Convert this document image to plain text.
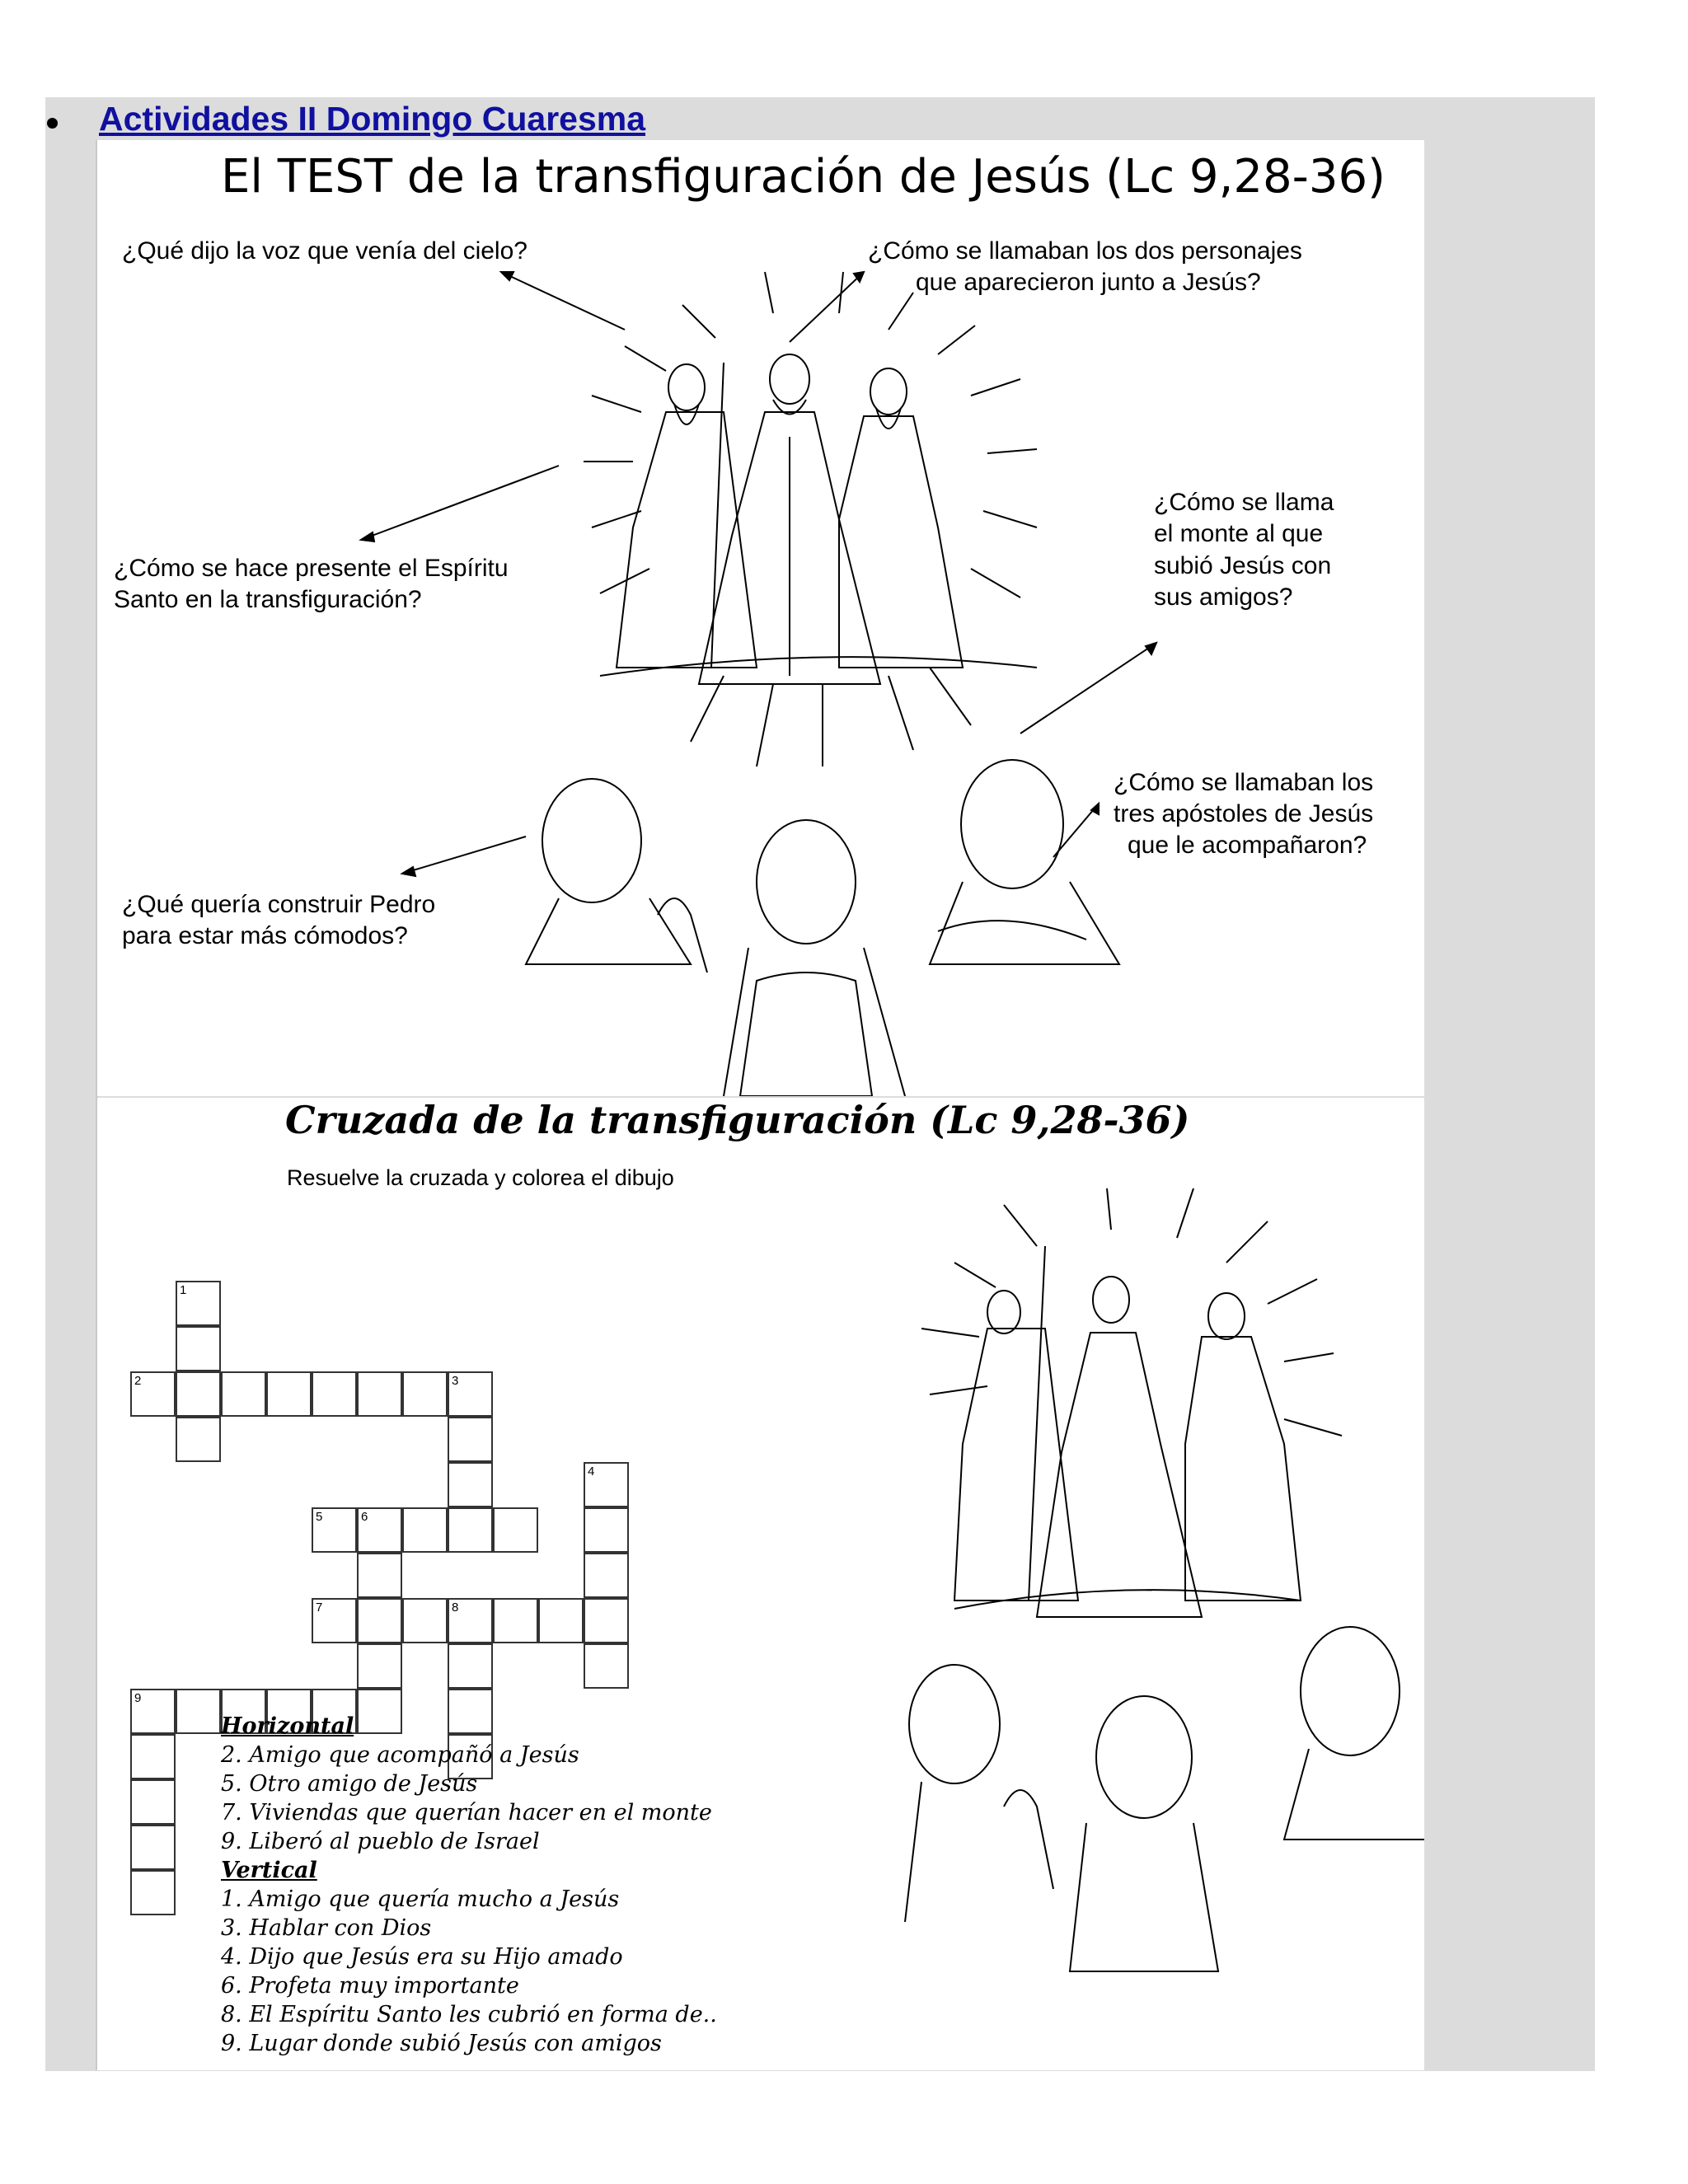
Actividades II Domingo Cuaresma
El TEST de la transfiguración de Jesús (Lc 9,28-36)
¿Qué dijo la voz que venía del cielo?	¿Cómo se llamaban los dos personajes
que aparecieron junto a Jesús?
¿Cómo se llama
el monte al que
subió Jesús con
sus amigos?
¿Cómo se hace presente el Espíritu
Santo en la transfiguración?
¿Cómo se llamaban los
tres apóstoles de Jesús
que le acompañaron?
¿Qué quería construir Pedro
para estar más cómodos?
Cruzada de la transfiguración (Lc 9,28-36)
Resuelve la cruzada y colorea el dibujo
1
2	3
4
5	6
7	8
9
Horizontal
2. Amigo que acompañó a Jesús
5. Otro amigo de Jesús
7. Viviendas que querían hacer en el monte
9. Liberó al pueblo de Israel
Vertical
1. Amigo que quería mucho a Jesús
3. Hablar con Dios
4. Dijo que Jesús era su Hijo amado
6. Profeta muy importante
8. El Espíritu Santo les cubrió en forma de..
9. Lugar donde subió Jesús con amigos
